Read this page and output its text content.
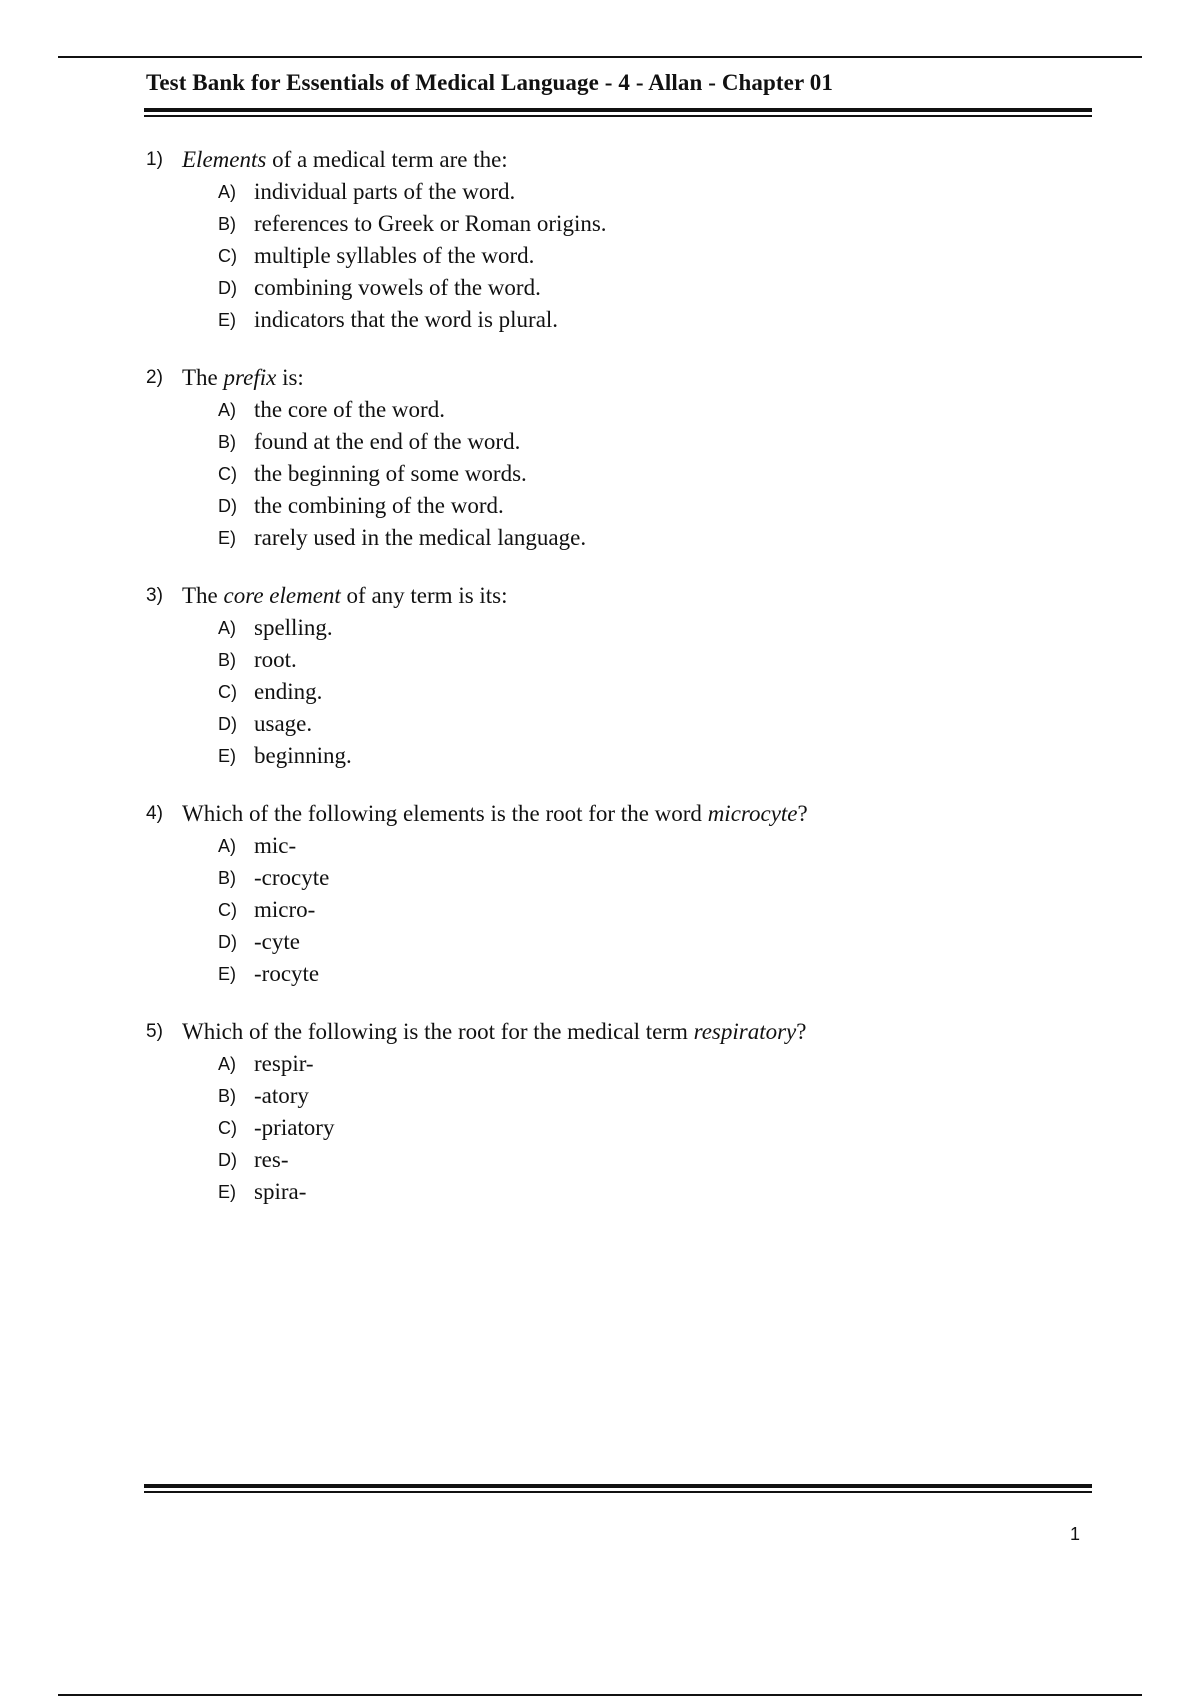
Test Bank for Essentials of Medical Language - 4 - Allan - Chapter 01
1) Elements of a medical term are the:
A) individual parts of the word.
B) references to Greek or Roman origins.
C) multiple syllables of the word.
D) combining vowels of the word.
E) indicators that the word is plural.
2) The prefix is:
A) the core of the word.
B) found at the end of the word.
C) the beginning of some words.
D) the combining of the word.
E) rarely used in the medical language.
3) The core element of any term is its:
A) spelling.
B) root.
C) ending.
D) usage.
E) beginning.
4) Which of the following elements is the root for the word microcyte?
A) mic-
B) -crocyte
C) micro-
D) -cyte
E) -rocyte
5) Which of the following is the root for the medical term respiratory?
A) respir-
B) -atory
C) -priatory
D) res-
E) spira-
1
